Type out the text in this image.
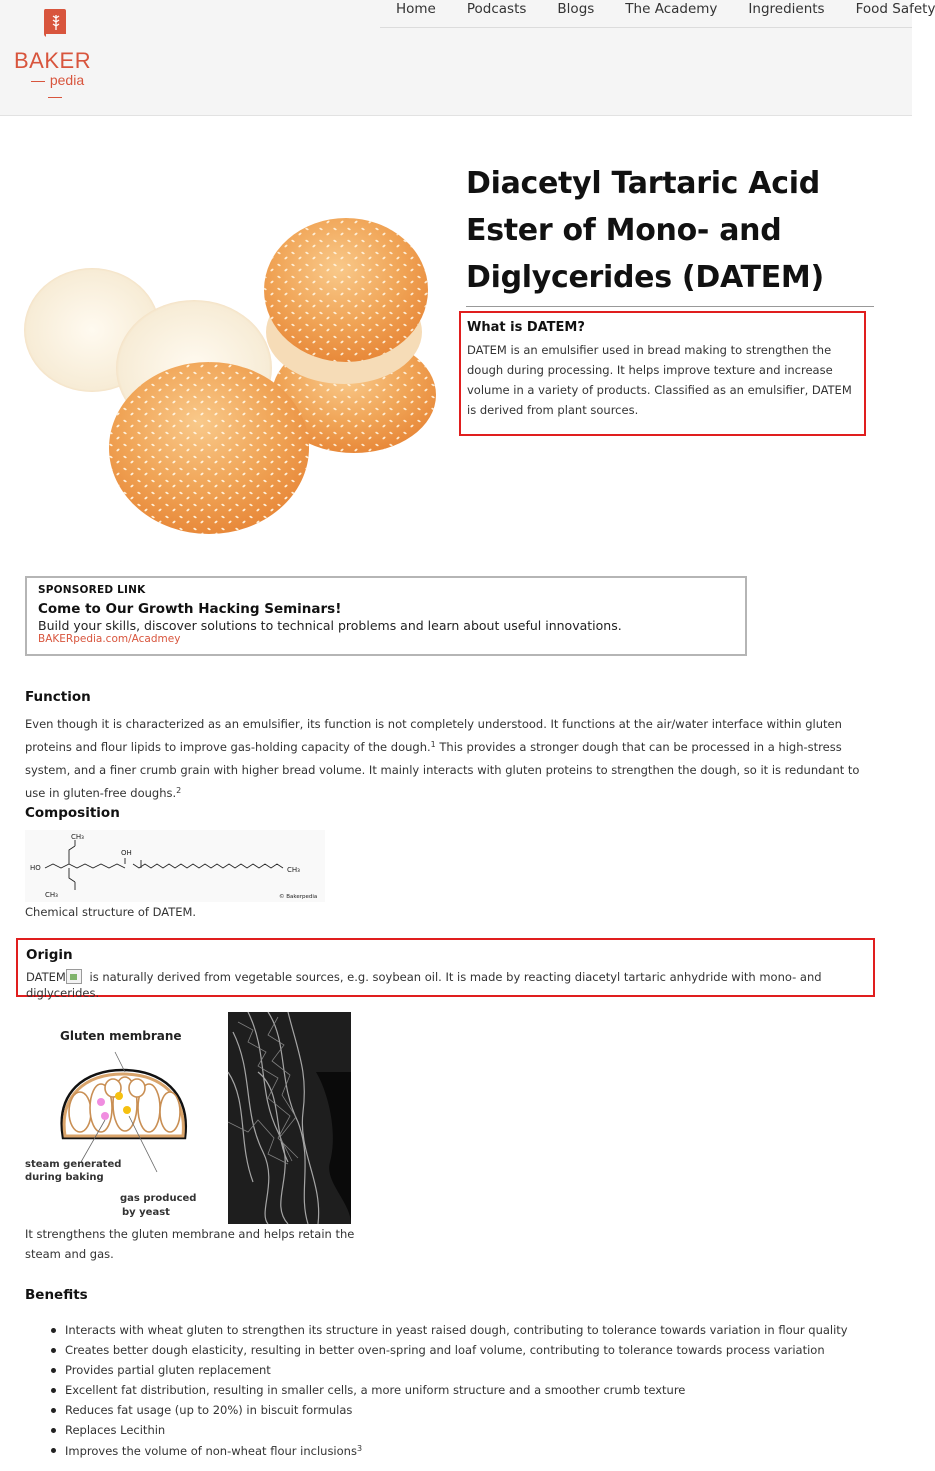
BAKER
pedia
Home Podcasts Blogs The Academy Ingredients Food Safety
Diacetyl Tartaric Acid Ester of Mono- and Diglycerides (DATEM)
What is DATEM?

DATEM is an emulsifier used in bread making to strengthen the dough during processing. It helps improve texture and increase volume in a variety of products. Classified as an emulsifier, DATEM is derived from plant sources.

SPONSORED LINK
Come to Our Growth Hacking Seminars!
Build your skills, discover solutions to technical problems and learn about useful innovations.
BAKERpedia.com/Acadmey
Function

Even though it is characterized as an emulsifier, its function is not completely understood. It functions at the air/water interface within gluten proteins and flour lipids to improve gas-holding capacity of the dough.$^1$ This provides a stronger dough that can be processed in a high-stress system, and a finer crumb grain with higher bread volume. It mainly interacts with gluten proteins to strengthen the dough, so it is redundant to use in gluten-free doughs.$^2$

Composition
CH₃
OH
HO
CH₃
CH₃
© Bakerpedia
Chemical structure of DATEM.
Origin
DATEM is naturally derived from vegetable sources, e.g. soybean oil. It is made by reacting diacetyl tartaric anhydride with mono- and diglycerides.
Gluten membrane
steam generated
during baking
gas produced
by yeast
It strengthens the gluten membrane and helps retain the steam and gas.
Benefits
Interacts with wheat gluten to strengthen its structure in yeast raised dough, contributing to tolerance towards variation in flour quality
Creates better dough elasticity, resulting in better oven-spring and loaf volume, contributing to tolerance towards process variation
Provides partial gluten replacement
Excellent fat distribution, resulting in smaller cells, a more uniform structure and a smoother crumb texture
Reduces fat usage (up to 20%) in biscuit formulas
Replaces Lecithin
Improves the volume of non-wheat flour inclusions$^3$
